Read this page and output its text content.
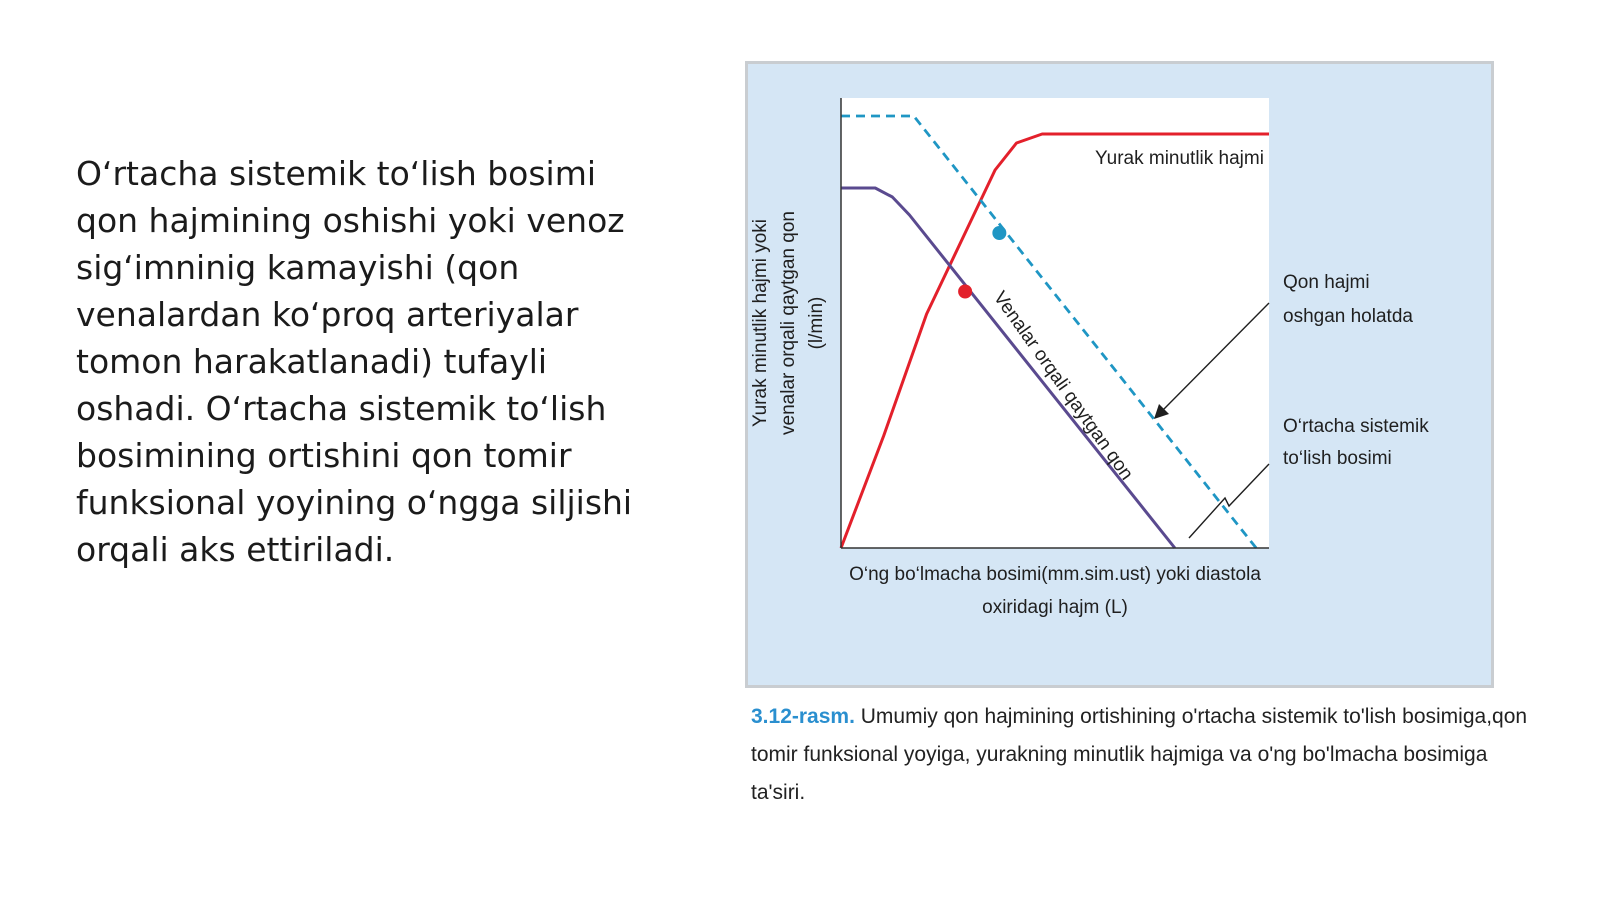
O‘rtacha sistemik to‘lish bosimi qon hajmining oshishi yoki venoz sig‘imninig kamayishi (qon venalardan ko‘proq arteriyalar tomon harakatlanadi) tufayli oshadi. O‘rtacha sistemik to‘lish bosimining ortishini qon tomir funksional yoyining o‘ngga siljishi orqali aks ettiriladi.
Yurak minutlik hajmi
Venalar orqali qaytgan qon
Qon hajmi
oshgan holatda
O‘rtacha sistemik
to‘lish bosimi
Yurak minutlik hajmi yoki venalar orqali qaytgan qon (l/min)
O‘ng bo‘lmacha bosimi(mm.sim.ust) yoki diastola
oxiridagi hajm (L)
3.12-rasm. Umumiy qon hajmining ortishining o'rtacha sistemik to'lish bosimiga,qon tomir funksional yoyiga, yurakning minutlik hajmiga va o'ng bo'lmacha bosimiga ta'siri.
